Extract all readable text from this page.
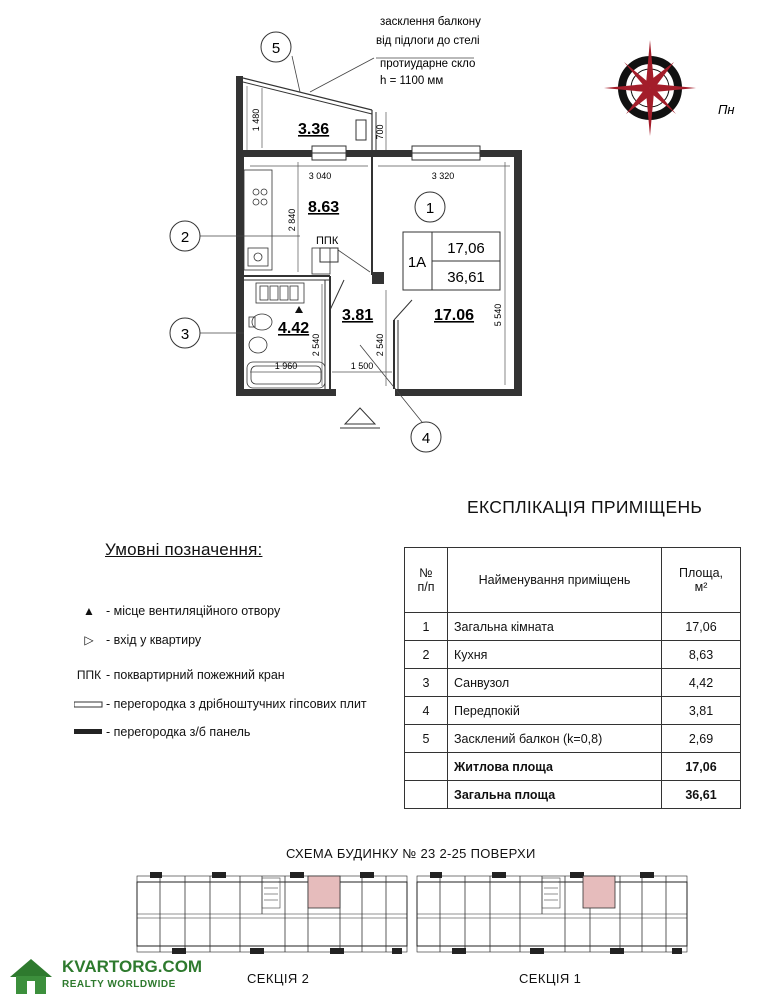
5
1
2
3
4
засклення балкону
від підлоги до стелі
протиударне скло
h = 1100 мм
3.36
8.63
4.42
3.81	17.06
1 480
700
3 040	3 320
2 840
5 540
2 540	2 540
1 960	1 500
ППК
1А
17,06
36,61
Пн
Умовні позначення:
▲ - місце вентиляційного отвору
▷ - вхід у квартиру
ППК - поквартирний пожежний кран
- перегородка з дрібноштучних гіпсових плит
- перегородка з/б панель
ЕКСПЛІКАЦІЯ ПРИМІЩЕНЬ
№
п/п	Найменування приміщень	Площа,
м²
1	Загальна кімната	17,06
2	Кухня	8,63
3	Санвузол	4,42
4	Передпокій	3,81
5	Засклений балкон (k=0,8)	2,69
	Житлова площа	17,06
	Загальна площа	36,61
СХЕМА БУДИНКУ № 23 2-25 ПОВЕРХИ
СЕКЦІЯ 2	СЕКЦІЯ 1
KVARTORG.COM
REALTY WORLDWIDE
